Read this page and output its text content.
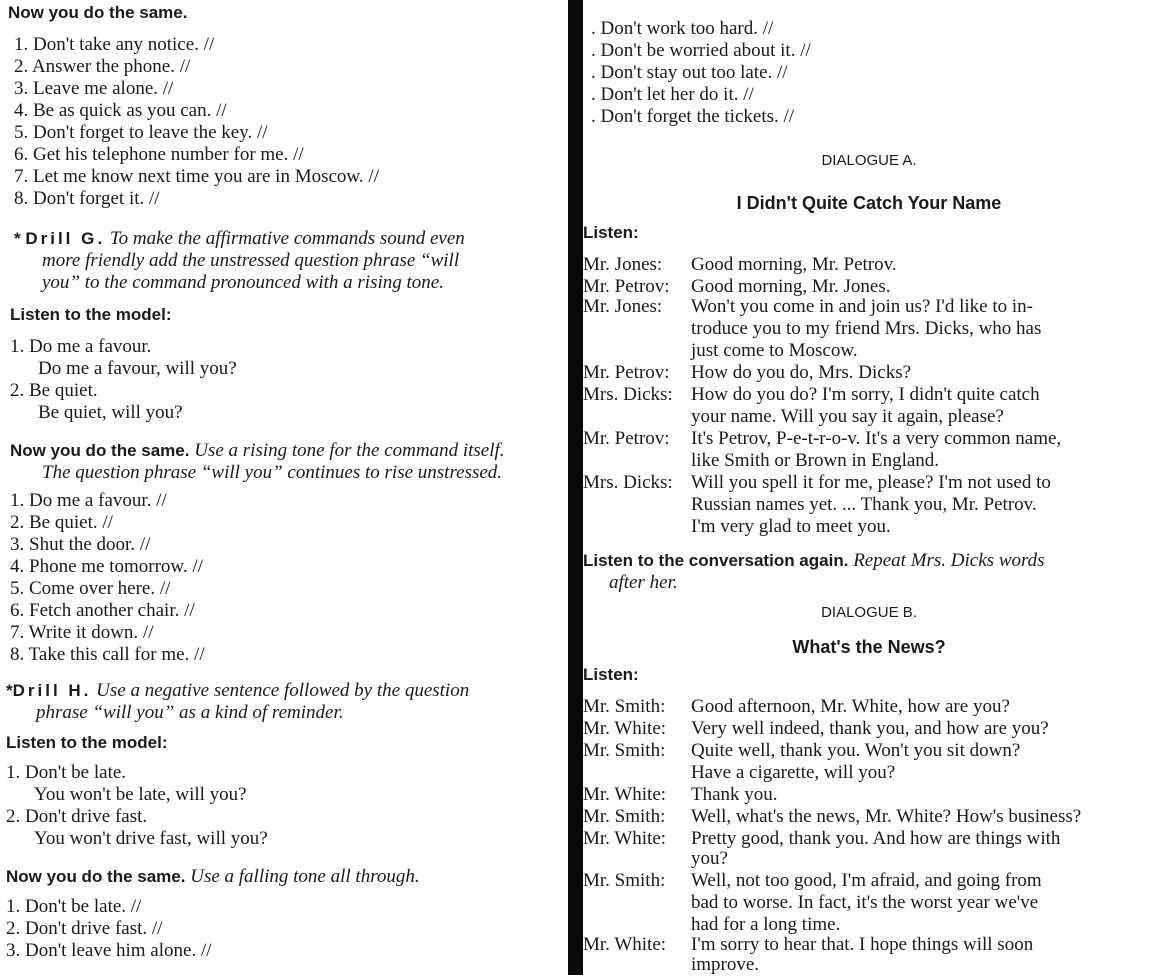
Now you do the same.
1. Don't take any notice. //
2. Answer the phone. //
3. Leave me alone. //
4. Be as quick as you can. //
5. Don't forget to leave the key. //
6. Get his telephone number for me. //
7. Let me know next time you are in Moscow. //
8. Don't forget it. //
* Drill G. To make the affirmative commands sound even
more friendly add the unstressed question phrase “will
you” to the command pronounced with a rising tone.
Listen to the model:
1. Do me a favour.
Do me a favour, will you?
2. Be quiet.
Be quiet, will you?
Now you do the same. Use a rising tone for the command itself.
The question phrase “will you” continues to rise unstressed.
1. Do me a favour. //
2. Be quiet. //
3. Shut the door. //
4. Phone me tomorrow. //
5. Come over here. //
6. Fetch another chair. //
7. Write it down. //
8. Take this call for me. //
*Drill H. Use a negative sentence followed by the question
phrase “will you” as a kind of reminder.
Listen to the model:
1. Don't be late.
You won't be late, will you?
2. Don't drive fast.
You won't drive fast, will you?
Now you do the same. Use a falling tone all through.
1. Don't be late. //
2. Don't drive fast. //
3. Don't leave him alone. //
. Don't work too hard. //
. Don't be worried about it. //
. Don't stay out too late. //
. Don't let her do it. //
. Don't forget the tickets. //
DIALOGUE A.
I Didn't Quite Catch Your Name
Listen:
Mr. Jones: Good morning, Mr. Petrov.
Mr. Petrov: Good morning, Mr. Jones.
Mr. Jones: Won't you come in and join us? I'd like to in-
troduce you to my friend Mrs. Dicks, who has
just come to Moscow.
Mr. Petrov: How do you do, Mrs. Dicks?
Mrs. Dicks: How do you do? I'm sorry, I didn't quite catch
your name. Will you say it again, please?
Mr. Petrov: It's Petrov, P-e-t-r-o-v. It's a very common name,
like Smith or Brown in England.
Mrs. Dicks: Will you spell it for me, please? I'm not used to
Russian names yet. ... Thank you, Mr. Petrov.
I'm very glad to meet you.
Listen to the conversation again. Repeat Mrs. Dicks words
after her.
DIALOGUE B.
What's the News?
Listen:
Mr. Smith: Good afternoon, Mr. White, how are you?
Mr. White: Very well indeed, thank you, and how are you?
Mr. Smith: Quite well, thank you. Won't you sit down?
Have a cigarette, will you?
Mr. White: Thank you.
Mr. Smith: Well, what's the news, Mr. White? How's business?
Mr. White: Pretty good, thank you. And how are things with
you?
Mr. Smith: Well, not too good, I'm afraid, and going from
bad to worse. In fact, it's the worst year we've
had for a long time.
Mr. White: I'm sorry to hear that. I hope things will soon
improve.
